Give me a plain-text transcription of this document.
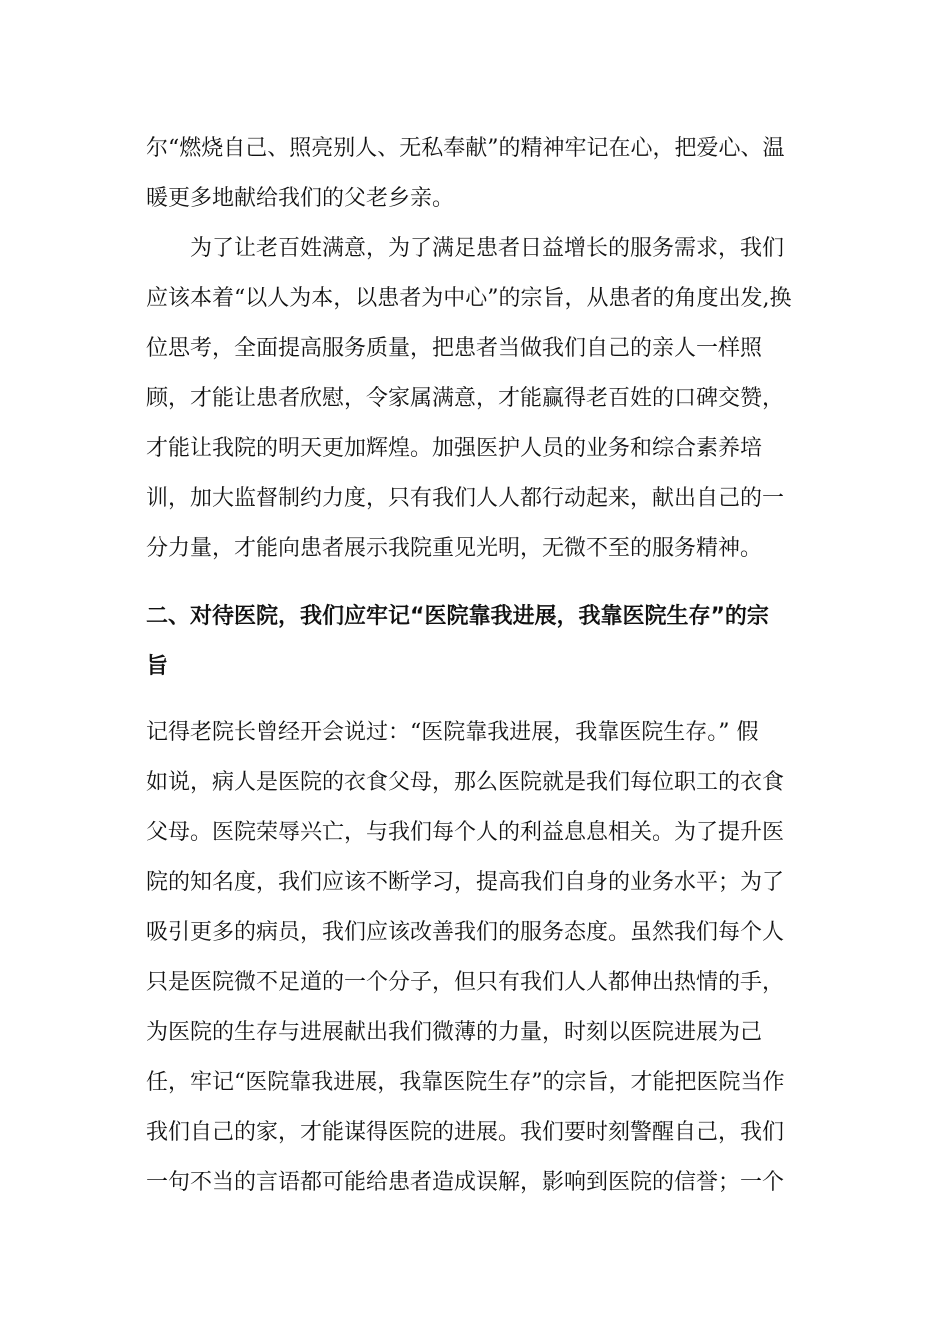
尔“燃烧自己、照亮别人、无私奉献”的精神牢记在心，把爱心、温

暖更多地献给我们的父老乡亲。

　　为了让老百姓满意，为了满足患者日益增长的服务需求，我们

应该本着“以人为本，以患者为中心”的宗旨，从患者的角度出发,换

位思考，全面提高服务质量，把患者当做我们自己的亲人一样照

顾，才能让患者欣慰，令家属满意，才能赢得老百姓的口碑交赞，

才能让我院的明天更加辉煌。加强医护人员的业务和综合素养培

训，加大监督制约力度，只有我们人人都行动起来，献出自己的一

分力量，才能向患者展示我院重见光明，无微不至的服务精神。

二、对待医院，我们应牢记“医院靠我进展，我靠医院生存”的宗

旨

记得老院长曾经开会说过：“医院靠我进展，我靠医院生存。” 假

如说，病人是医院的衣食父母，那么医院就是我们每位职工的衣食

父母。医院荣辱兴亡，与我们每个人的利益息息相关。为了提升医

院的知名度，我们应该不断学习，提高我们自身的业务水平；为了

吸引更多的病员，我们应该改善我们的服务态度。虽然我们每个人

只是医院微不足道的一个分子，但只有我们人人都伸出热情的手，

为医院的生存与进展献出我们微薄的力量，时刻以医院进展为己

任，牢记“医院靠我进展，我靠医院生存”的宗旨，才能把医院当作

我们自己的家，才能谋得医院的进展。我们要时刻警醒自己，我们

一句不当的言语都可能给患者造成误解，影响到医院的信誉；一个
